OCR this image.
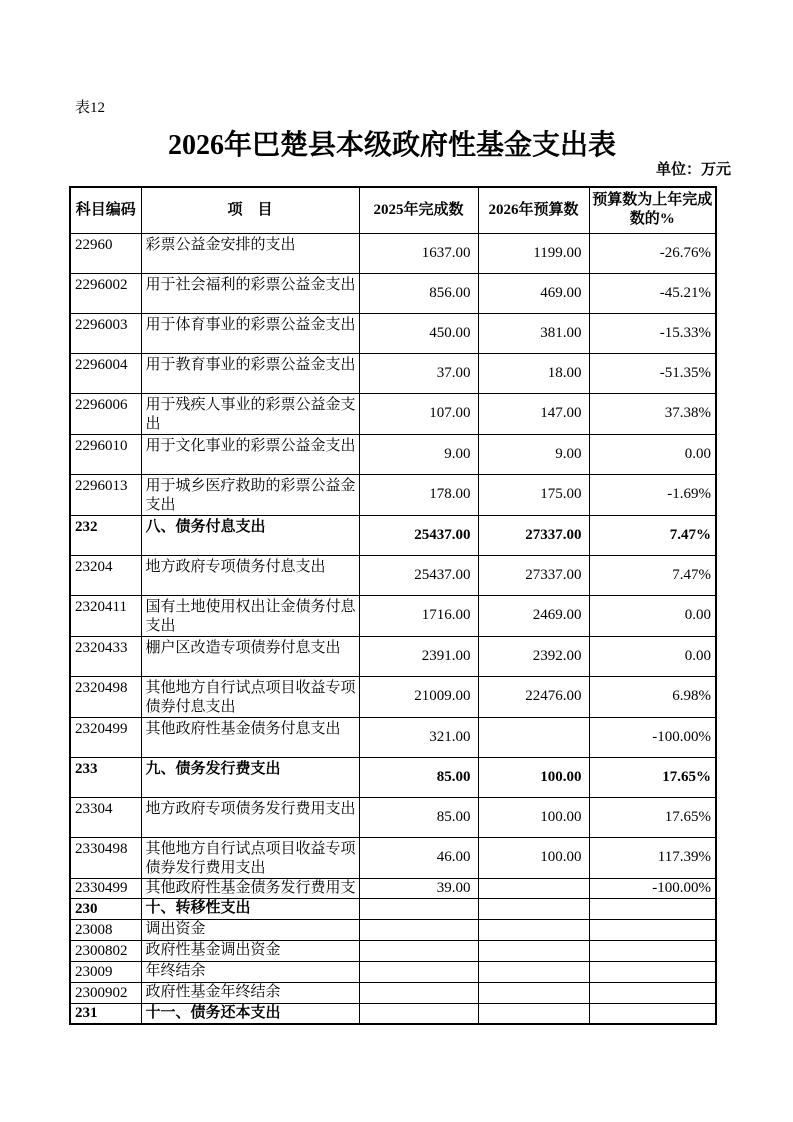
表12
2026年巴楚县本级政府性基金支出表
单位：万元
科目编码	项　目	2025年完成数	2026年预算数	预算数为上年完成数的%
22960	彩票公益金安排的支出	1637.00	1199.00	-26.76%
2296002	用于社会福利的彩票公益金支出	856.00	469.00	-45.21%
2296003	用于体育事业的彩票公益金支出	450.00	381.00	-15.33%
2296004	用于教育事业的彩票公益金支出	37.00	18.00	-51.35%
2296006	用于残疾人事业的彩票公益金支出	107.00	147.00	37.38%
2296010	用于文化事业的彩票公益金支出	9.00	9.00	0.00
2296013	用于城乡医疗救助的彩票公益金支出	178.00	175.00	-1.69%
232	八、债务付息支出	25437.00	27337.00	7.47%
23204	地方政府专项债务付息支出	25437.00	27337.00	7.47%
2320411	国有土地使用权出让金债务付息支出	1716.00	2469.00	0.00
2320433	棚户区改造专项债券付息支出	2391.00	2392.00	0.00
2320498	其他地方自行试点项目收益专项债券付息支出	21009.00	22476.00	6.98%
2320499	其他政府性基金债务付息支出	321.00		-100.00%
233	九、债务发行费支出	85.00	100.00	17.65%
23304	地方政府专项债务发行费用支出	85.00	100.00	17.65%
2330498	其他地方自行试点项目收益专项债券发行费用支出	46.00	100.00	117.39%
2330499	其他政府性基金债务发行费用支	39.00		-100.00%
230	十、转移性支出			
23008	调出资金			
2300802	政府性基金调出资金			
23009	年终结余			
2300902	政府性基金年终结余			
231	十一、债务还本支出			
